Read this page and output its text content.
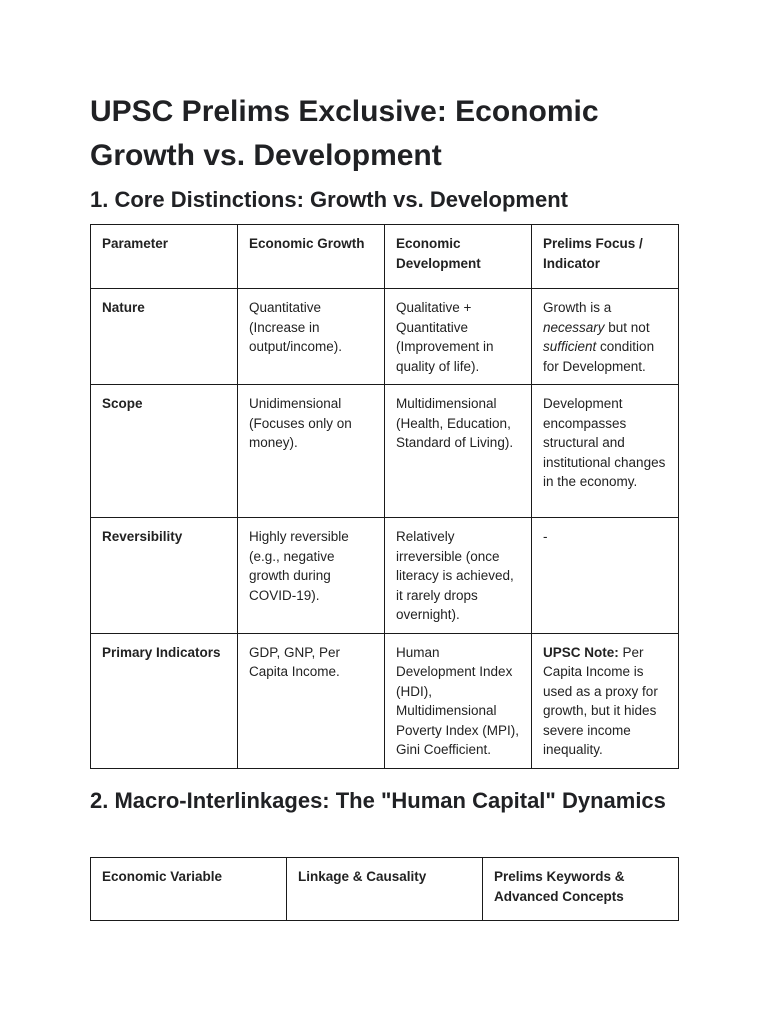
UPSC Prelims Exclusive: Economic Growth vs. Development
1. Core Distinctions: Growth vs. Development
Parameter	Economic Growth	Economic Development	Prelims Focus / Indicator
Nature	Quantitative (Increase in output/income).	Qualitative + Quantitative (Improvement in quality of life).	Growth is a necessary but not sufficient condition for Development.
Scope	Unidimensional (Focuses only on money).	Multidimensional (Health, Education, Standard of Living).	Development encompasses structural and institutional changes in the economy.
Reversibility	Highly reversible (e.g., negative growth during COVID-19).	Relatively irreversible (once literacy is achieved, it rarely drops overnight).	-
Primary Indicators	GDP, GNP, Per Capita Income.	Human Development Index (HDI), Multidimensional Poverty Index (MPI), Gini Coefficient.	UPSC Note: Per Capita Income is used as a proxy for growth, but it hides severe income inequality.
2. Macro-Interlinkages: The "Human Capital" Dynamics
Economic Variable	Linkage & Causality	Prelims Keywords & Advanced Concepts
